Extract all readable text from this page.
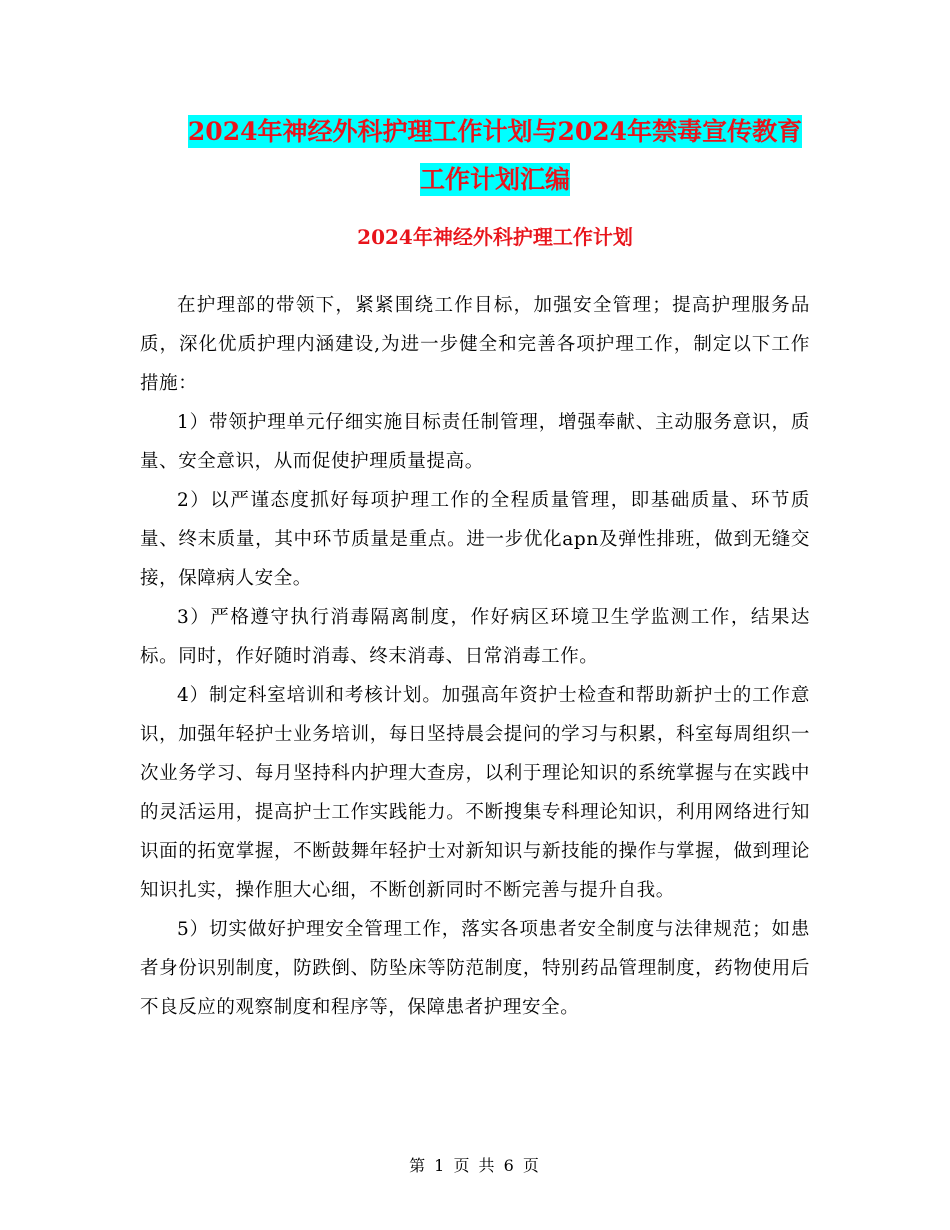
2024年神经外科护理工作计划与2024年禁毒宣传教育
工作计划汇编
2024年神经外科护理工作计划

在护理部的带领下，紧紧围绕工作目标，加强安全管理；提高护理服务品质，深化优质护理内涵建设,为进一步健全和完善各项护理工作，制定以下工作措施：

1）带领护理单元仔细实施目标责任制管理，增强奉献、主动服务意识，质量、安全意识，从而促使护理质量提高。

2）以严谨态度抓好每项护理工作的全程质量管理，即基础质量、环节质量、终末质量，其中环节质量是重点。进一步优化apn及弹性排班，做到无缝交接，保障病人安全。

3）严格遵守执行消毒隔离制度，作好病区环境卫生学监测工作，结果达标。同时，作好随时消毒、终末消毒、日常消毒工作。

4）制定科室培训和考核计划。加强高年资护士检查和帮助新护士的工作意识，加强年轻护士业务培训，每日坚持晨会提问的学习与积累，科室每周组织一次业务学习、每月坚持科内护理大查房，以利于理论知识的系统掌握与在实践中的灵活运用，提高护士工作实践能力。不断搜集专科理论知识，利用网络进行知识面的拓宽掌握，不断鼓舞年轻护士对新知识与新技能的操作与掌握，做到理论知识扎实，操作胆大心细，不断创新同时不断完善与提升自我。

5）切实做好护理安全管理工作，落实各项患者安全制度与法律规范；如患者身份识别制度，防跌倒、防坠床等防范制度，特别药品管理制度，药物使用后不良反应的观察制度和程序等，保障患者护理安全。

第 1 页 共 6 页
